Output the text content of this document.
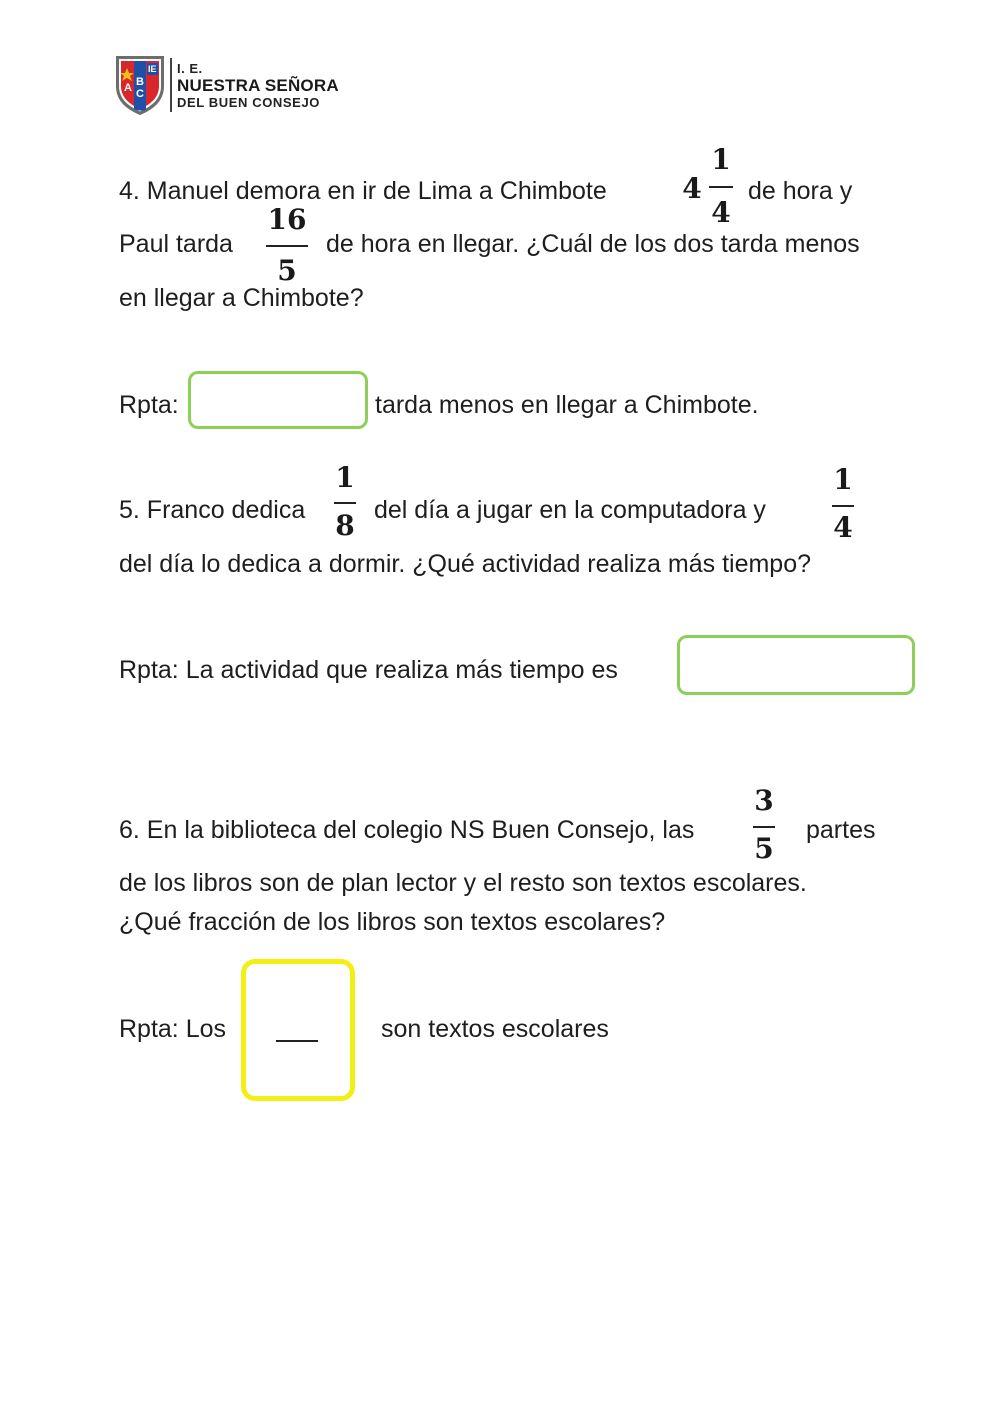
A B
C
IE I. E.
NUESTRA SEÑORA
DEL BUEN CONSEJO
4. Manuel demora en ir de Lima a Chimbote	4
1
4
de hora y
Paul tarda
16
5
de hora en llegar. ¿Cuál de los dos tarda menos
en llegar a Chimbote?
Rpta:	tarda menos en llegar a Chimbote.
5. Franco dedica
1
8 del día a jugar en la computadora y
1
4
del día lo dedica a dormir. ¿Qué actividad realiza más tiempo?
Rpta: La actividad que realiza más tiempo es
6. En la biblioteca del colegio NS Buen Consejo, las
3
5
partes
de los libros son de plan lector y el resto son textos escolares.
¿Qué fracción de los libros son textos escolares?
Rpta: Los	son textos escolares
